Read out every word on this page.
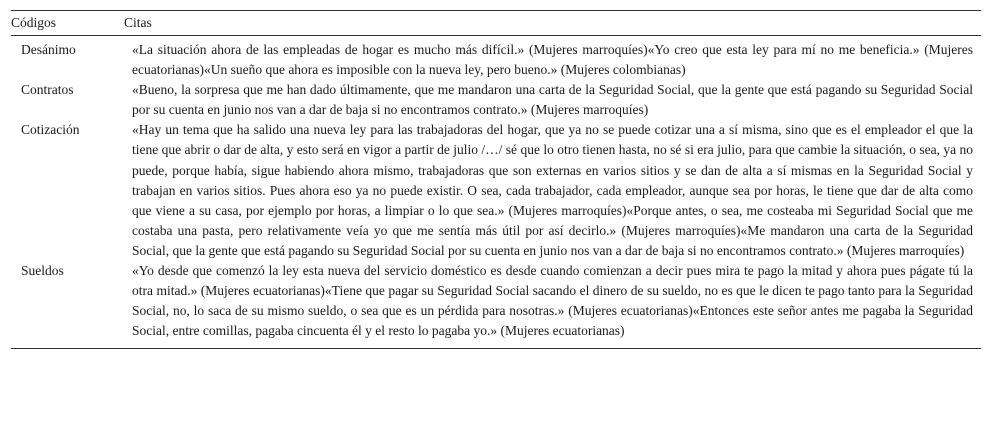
Códigos	Citas
Desánimo	«La situación ahora de las empleadas de hogar es mucho más difícil.» (Mujeres marroquíes)«Yo creo que esta ley para mí no me beneficia.» (Mujeres ecuatorianas)«Un sueño que ahora es imposible con la nueva ley, pero bueno.» (Mujeres colombianas)
Contratos	«Bueno, la sorpresa que me han dado últimamente, que me mandaron una carta de la Seguridad Social, que la gente que está pagando su Seguridad Social por su cuenta en junio nos van a dar de baja si no encontramos contrato.» (Mujeres marroquíes)
Cotización	«Hay un tema que ha salido una nueva ley para las trabajadoras del hogar, que ya no se puede cotizar una a sí misma, sino que es el empleador el que la tiene que abrir o dar de alta, y esto será en vigor a partir de julio /…/ sé que lo otro tienen hasta, no sé si era julio, para que cambie la situación, o sea, ya no puede, porque había, sigue habiendo ahora mismo, trabajadoras que son externas en varios sitios y se dan de alta a sí mismas en la Seguridad Social y trabajan en varios sitios. Pues ahora eso ya no puede existir. O sea, cada trabajador, cada empleador, aunque sea por horas, le tiene que dar de alta como que viene a su casa, por ejemplo por horas, a limpiar o lo que sea.» (Mujeres marroquíes)«Porque antes, o sea, me costeaba mi Seguridad Social que me costaba una pasta, pero relativamente veía yo que me sentía más útil por así decirlo.» (Mujeres marroquíes)«Me mandaron una carta de la Seguridad Social, que la gente que está pagando su Seguridad Social por su cuenta en junio nos van a dar de baja si no encontramos contrato.» (Mujeres marroquíes)
Sueldos	«Yo desde que comenzó la ley esta nueva del servicio doméstico es desde cuando comienzan a decir pues mira te pago la mitad y ahora pues págate tú la otra mitad.» (Mujeres ecuatorianas)«Tiene que pagar su Seguridad Social sacando el dinero de su sueldo, no es que le dicen te pago tanto para la Seguridad Social, no, lo saca de su mismo sueldo, o sea que es un pérdida para nosotras.» (Mujeres ecuatorianas)«Entonces este señor antes me pagaba la Seguridad Social, entre comillas, pagaba cincuenta él y el resto lo pagaba yo.» (Mujeres ecuatorianas)
